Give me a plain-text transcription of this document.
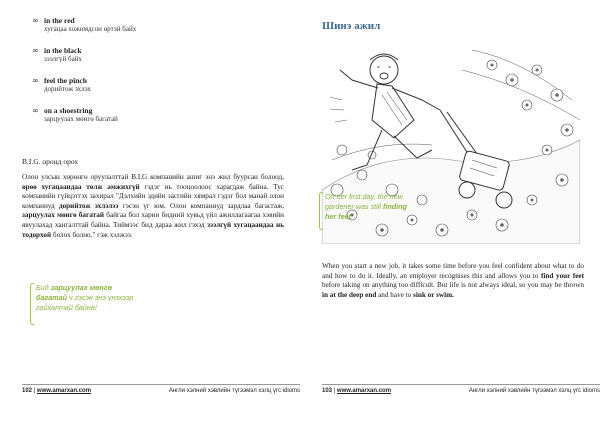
∞ in the red
хугацаа хожимдсон өртэй байх
∞ in the black
зээлгүй байх
∞ feel the pinch
дорийтож эхлэх
∞ on a shoestring
зарцуулах мөнгө багатай
B.I.G. оронд орох
Олон улсын хөрөнгө оруулалттай B.I.G компанийн ашиг энэ жил буурсан болоод, өрөө хугацаандаа төлж амжихгүй гэдэг нь тооцоолоос харагдаж байна. Тус компанийн гүйцэтгэх захирал "Дэлхийн эдийн засгийн хямрал гэдэг бол манай олон компаниуд дорийтож эхлэлээ гэсэн үг юм. Олон компаниуд зардлаа багасгаж, зарцуулах мөнгө багатай байгаа бол харин бидний хувьд үйл ажиллагаагаа хэвийн явуулахад хангалттай байна. Тиймээс бид дараа жил гэхэд зээлгүй хугацаандаа нь тодорхой болох болно." гэж хэлжээ.
Бид зарцуулах мөнгө багатай ч гэсэн энэ үнэхээр гайхалтай байна!
102 | www.amarxan.com	Англи хэлний хэвлийн түгээмэл хэлц үгс idioms
Шинэ ажил
On her first day, the new gardener was still finding her feet.
When you start a new job, it takes some time before you feel confident about what to do and how to do it. Ideally, an employer recognises this and allows you to find your feet before taking on anything too difficult. But life is not always ideal, so you may be thrown in at the deep end and have to sink or swim.
103 | www.amarxan.com	Англи хэлний хэвлийн түгээмэл хэлц үгс idioms
